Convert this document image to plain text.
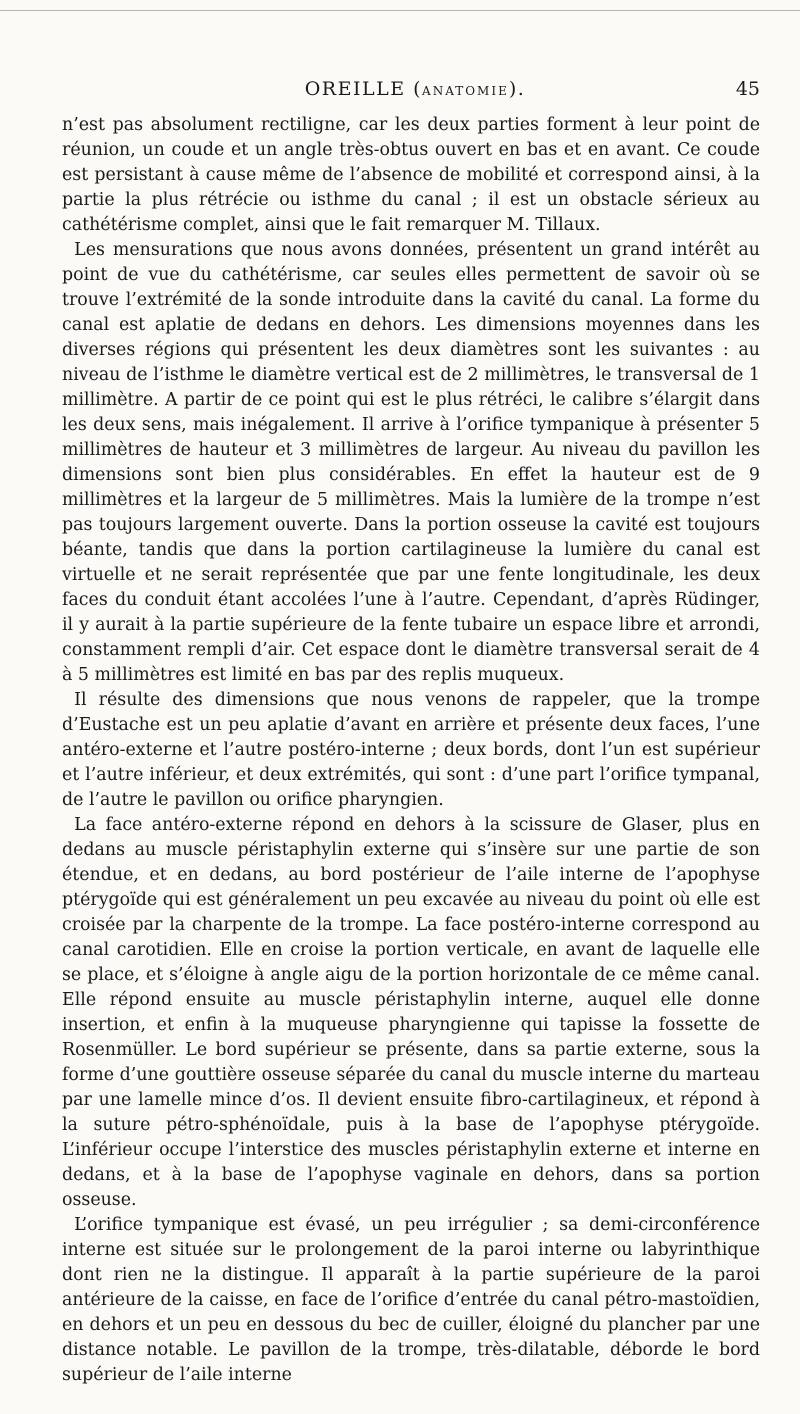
OREILLE (ANATOMIE).	45

n’est pas absolument rectiligne, car les deux parties forment à leur point de réunion, un coude et un angle très-obtus ouvert en bas et en avant. Ce coude est persistant à cause même de l’absence de mobilité et correspond ainsi, à la partie la plus rétrécie ou isthme du canal ; il est un obstacle sérieux au cathétérisme complet, ainsi que le fait remarquer M. Tillaux.

Les mensurations que nous avons données, présentent un grand intérêt au point de vue du cathétérisme, car seules elles permettent de savoir où se trouve l’extrémité de la sonde introduite dans la cavité du canal. La forme du canal est aplatie de dedans en dehors. Les dimensions moyennes dans les diverses régions qui présentent les deux diamètres sont les suivantes : au niveau de l’isthme le diamètre vertical est de 2 millimètres, le transversal de 1 millimètre. A partir de ce point qui est le plus rétréci, le calibre s’élargit dans les deux sens, mais inégalement. Il arrive à l’orifice tympanique à présenter 5 millimètres de hauteur et 3 millimètres de largeur. Au niveau du pavillon les dimensions sont bien plus considérables. En effet la hauteur est de 9 millimètres et la largeur de 5 millimètres. Mais la lumière de la trompe n’est pas toujours largement ouverte. Dans la portion osseuse la cavité est toujours béante, tandis que dans la portion cartilagineuse la lumière du canal est virtuelle et ne serait représentée que par une fente longitudinale, les deux faces du conduit étant accolées l’une à l’autre. Cependant, d’après Rüdinger, il y aurait à la partie supérieure de la fente tubaire un espace libre et arrondi, constamment rempli d’air. Cet espace dont le diamètre transversal serait de 4 à 5 millimètres est limité en bas par des replis muqueux.

Il résulte des dimensions que nous venons de rappeler, que la trompe d’Eustache est un peu aplatie d’avant en arrière et présente deux faces, l’une antéro-externe et l’autre postéro-interne ; deux bords, dont l’un est supérieur et l’autre inférieur, et deux extrémités, qui sont : d’une part l’orifice tympanal, de l’autre le pavillon ou orifice pharyngien.

La face antéro-externe répond en dehors à la scissure de Glaser, plus en dedans au muscle péristaphylin externe qui s’insère sur une partie de son étendue, et en dedans, au bord postérieur de l’aile interne de l’apophyse ptérygoïde qui est généralement un peu excavée au niveau du point où elle est croisée par la charpente de la trompe. La face postéro-interne correspond au canal carotidien. Elle en croise la portion verticale, en avant de laquelle elle se place, et s’éloigne à angle aigu de la portion horizontale de ce même canal. Elle répond ensuite au muscle péristaphylin interne, auquel elle donne insertion, et enfin à la muqueuse pharyngienne qui tapisse la fossette de Rosenmüller. Le bord supérieur se présente, dans sa partie externe, sous la forme d’une gouttière osseuse séparée du canal du muscle interne du marteau par une lamelle mince d’os. Il devient ensuite fibro-cartilagineux, et répond à la suture pétro-sphénoïdale, puis à la base de l’apophyse ptérygoïde. L’inférieur occupe l’interstice des muscles péristaphylin externe et interne en dedans, et à la base de l’apophyse vaginale en dehors, dans sa portion osseuse.

L’orifice tympanique est évasé, un peu irrégulier ; sa demi-circonférence interne est située sur le prolongement de la paroi interne ou labyrinthique dont rien ne la distingue. Il apparaît à la partie supérieure de la paroi antérieure de la caisse, en face de l’orifice d’entrée du canal pétro-mastoïdien, en dehors et un peu en dessous du bec de cuiller, éloigné du plancher par une distance notable. Le pavillon de la trompe, très-dilatable, déborde le bord supérieur de l’aile interne
